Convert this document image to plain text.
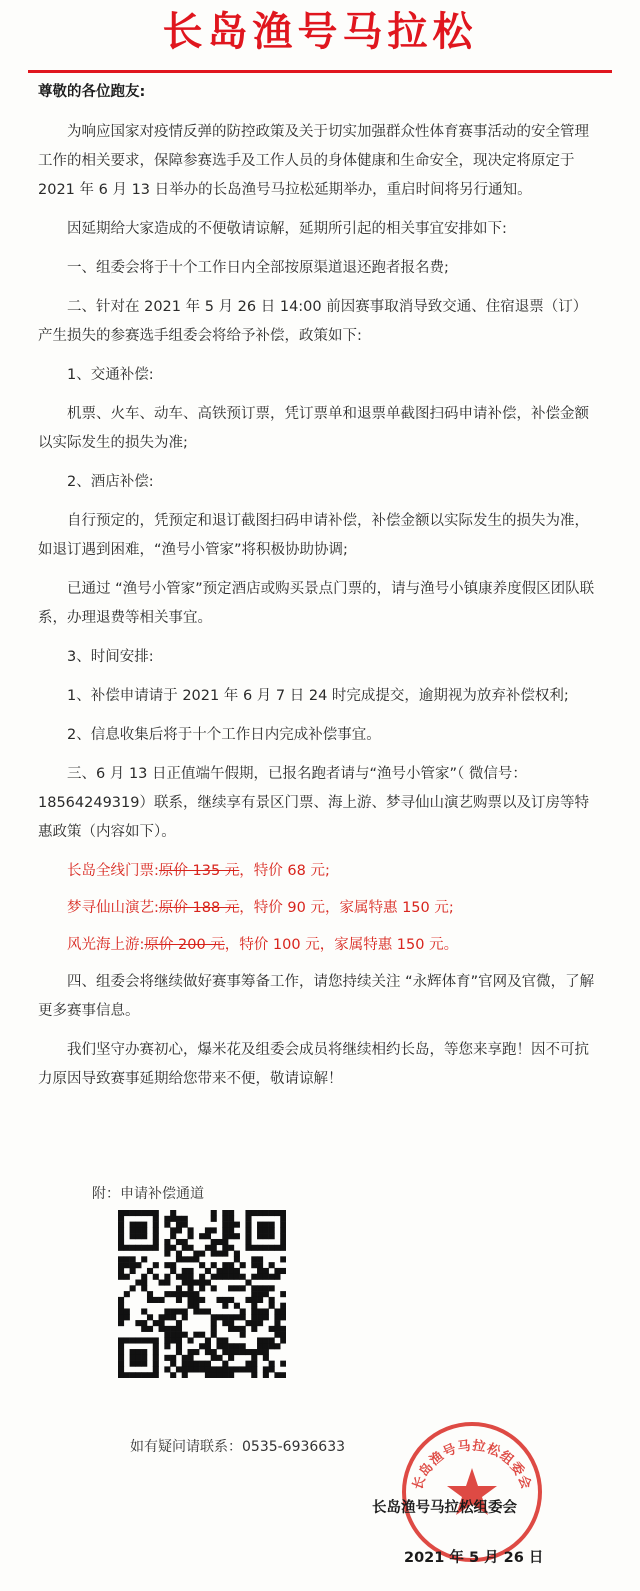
长岛渔号马拉松
尊敬的各位跑友:

为响应国家对疫情反弹的防控政策及关于切实加强群众性体育赛事活动的安全管理工作的相关要求，保障参赛选手及工作人员的身体健康和生命安全，现决定将原定于 2021 年 6 月 13 日举办的长岛渔号马拉松延期举办，重启时间将另行通知。

因延期给大家造成的不便敬请谅解，延期所引起的相关事宜安排如下:

一、组委会将于十个工作日内全部按原渠道退还跑者报名费;

二、针对在 2021 年 5 月 26 日 14:00 前因赛事取消导致交通、住宿退票（订）产生损失的参赛选手组委会将给予补偿，政策如下:

1、交通补偿:

机票、火车、动车、高铁预订票，凭订票单和退票单截图扫码申请补偿，补偿金额以实际发生的损失为准;

2、酒店补偿:

自行预定的，凭预定和退订截图扫码申请补偿，补偿金额以实际发生的损失为准，如退订遇到困难，“渔号小管家”将积极协助协调;

已通过 “渔号小管家”预定酒店或购买景点门票的，请与渔号小镇康养度假区团队联系，办理退费等相关事宜。

3、时间安排:

1、补偿申请请于 2021 年 6 月 7 日 24 时完成提交，逾期视为放弃补偿权利;

2、信息收集后将于十个工作日内完成补偿事宜。

三、6 月 13 日正值端午假期，已报名跑者请与“渔号小管家”（ 微信号：18564249319）联系，继续享有景区门票、海上游、梦寻仙山演艺购票以及订房等特惠政策（内容如下）。

长岛全线门票:原价 135 元，特价 68 元;

梦寻仙山演艺:原价 188 元，特价 90 元，家属特惠 150 元;

风光海上游:原价 200 元，特价 100 元，家属特惠 150 元。

四、组委会将继续做好赛事筹备工作，请您持续关注 “永辉体育”官网及官微，了解更多赛事信息。

我们坚守办赛初心，爆米花及组委会成员将继续相约长岛，等您来享跑！因不可抗力原因导致赛事延期给您带来不便，敬请谅解！

附：申请补偿通道
如有疑问请联系：0535-6936633
长岛渔号马拉松组委会
长岛渔号马拉松组委会
2021 年 5 月 26 日
